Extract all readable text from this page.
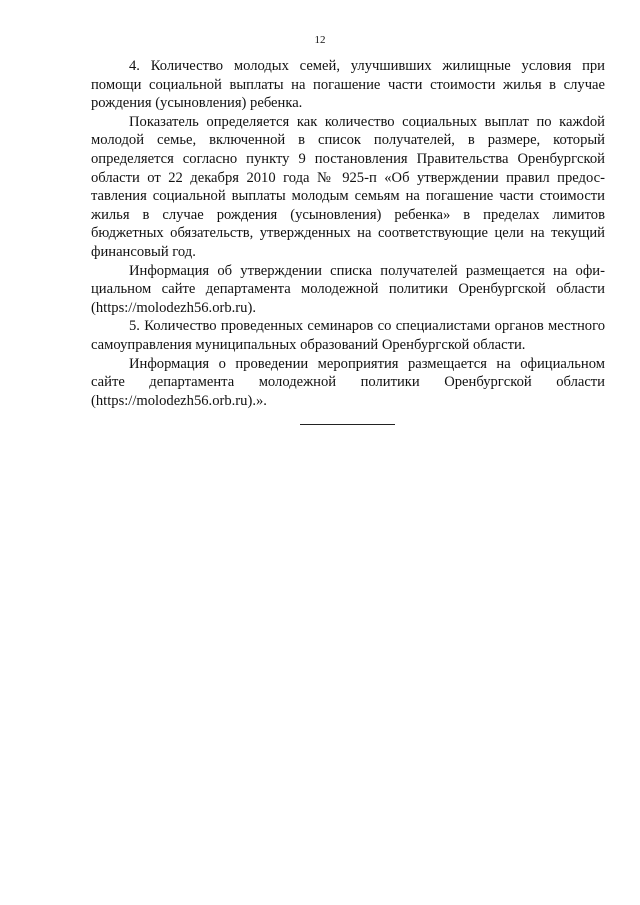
12

4. Количество молодых семей, улучшивших жилищные условия при помощи социальной выплаты на погашение части стоимости жилья в случае рождения (усыновления) ребенка.

Показатель определяется как количество социальных выплат по кажdой молодой семье, включенной в список получателей, в размере, который определяется согласно пункту 9 постановления Правительства Оренбургской области от 22 декабря 2010 года № 925-п «Об утверждении правил предоставления социальной выплаты молодым семьям на погашение части стоимости жилья в случае рождения (усыновления) ребенка» в пределах лимитов бюджетных обязательств, утвержденных на соответствующие цели на текущий финансовый год.

Информация об утверждении списка получателей размещается на официальном сайте департамента молодежной политики Оренбургской области (https://molodezh56.orb.ru).

5. Количество проведенных семинаров со специалистами органов местного самоуправления муниципальных образований Оренбургской области.

Информация о проведении мероприятия размещается на официальном сайте департамента молодежной политики Оренбургской области (https://molodezh56.orb.ru).».
